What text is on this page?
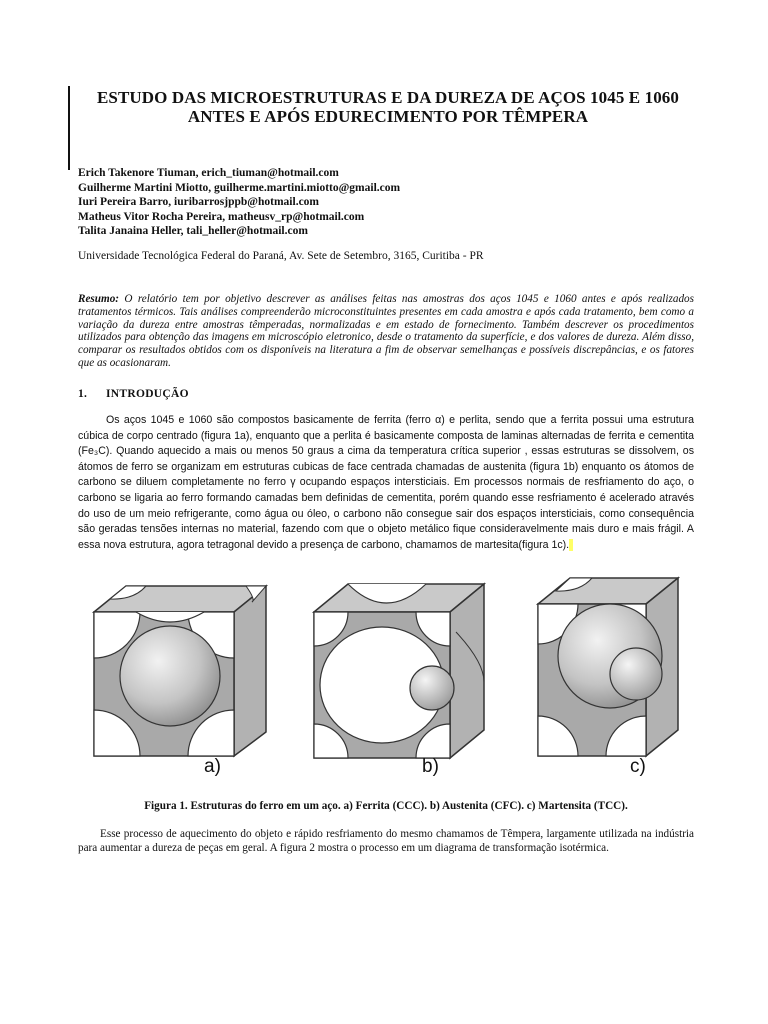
ESTUDO DAS MICROESTRUTURAS E DA DUREZA DE AÇOS 1045 E 1060
ANTES E APÓS EDURECIMENTO POR TÊMPERA
Erich Takenore Tiuman, erich_tiuman@hotmail.com
Guilherme Martini Miotto, guilherme.martini.miotto@gmail.com
Iuri Pereira Barro, iuribarrosjppb@hotmail.com
Matheus Vitor Rocha Pereira, matheusv_rp@hotmail.com
Talita Janaina Heller, tali_heller@hotmail.com
Universidade Tecnológica Federal do Paraná, Av. Sete de Setembro, 3165, Curitiba - PR
Resumo: O relatório tem por objetivo descrever as análises feitas nas amostras dos aços 1045 e 1060 antes e após realizados tratamentos térmicos. Tais análises compreenderão microconstituintes presentes em cada amostra e após cada tratamento, bem como a variação da dureza entre amostras têmperadas, normalizadas e em estado de fornecimento. Também descrever os procedimentos utilizados para obtenção das imagens em microscópio eletronico, desde o tratamento da superfície, e dos valores de dureza. Além disso, comparar os resultados obtidos com os disponíveis na literatura a fim de observar semelhanças e possíveis discrepâncias, e os fatores que as ocasionaram.
1. INTRODUÇÃO
Os aços 1045 e 1060 são compostos basicamente de ferrita (ferro α) e perlita, sendo que a ferrita possui uma estrutura cúbica de corpo centrado (figura 1a), enquanto que a perlita é basicamente composta de laminas alternadas de ferrita e cementita (Fe₃C). Quando aquecido a mais ou menos 50 graus a cima da temperatura crítica superior , essas estruturas se dissolvem, os átomos de ferro se organizam em estruturas cubicas de face centrada chamadas de austenita (figura 1b) enquanto os átomos de carbono se diluem completamente no ferro γ ocupando espaços intersticiais. Em processos normais de resfriamento do aço, o carbono se ligaria ao ferro formando camadas bem definidas de cementita, porém quando esse resfriamento é acelerado através do uso de um meio refrigerante, como água ou óleo, o carbono não consegue sair dos espaços intersticiais, como consequência são geradas tensões internas no material, fazendo com que o objeto metálico fique consideravelmente mais duro e mais frágil. A essa nova estrutura, agora tetragonal devido a presença de carbono, chamamos de martesita(figura 1c).
a)	b)	c)
Figura 1. Estruturas do ferro em um aço. a) Ferrita (CCC). b) Austenita (CFC). c) Martensita (TCC).
Esse processo de aquecimento do objeto e rápido resfriamento do mesmo chamamos de Têmpera, largamente utilizada na indústria para aumentar a dureza de peças em geral. A figura 2 mostra o processo em um diagrama de transformação isotérmica.
